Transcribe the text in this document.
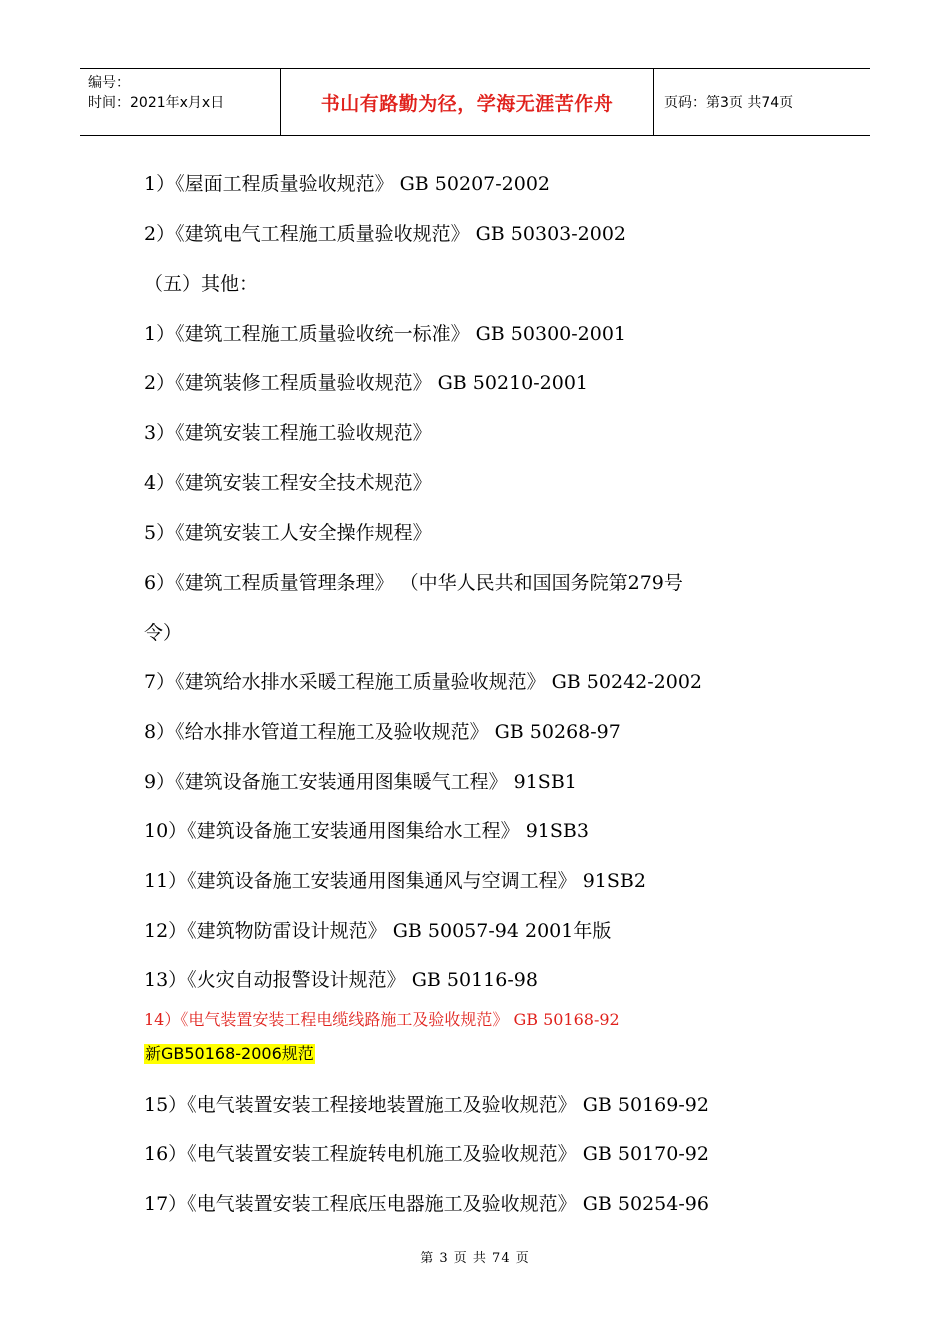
编号：
时间：2021年x月x日	书山有路勤为径，学海无涯苦作舟	页码：第3页 共74页
1）《屋面工程质量验收规范》 GB 50207-2002
2）《建筑电气工程施工质量验收规范》 GB 50303-2002
（五）其他：
1）《建筑工程施工质量验收统一标准》 GB 50300-2001
2）《建筑装修工程质量验收规范》 GB 50210-2001
3）《建筑安装工程施工验收规范》
4）《建筑安装工程安全技术规范》
5）《建筑安装工人安全操作规程》
6）《建筑工程质量管理条理》 （中华人民共和国国务院第279号
令）
7）《建筑给水排水采暖工程施工质量验收规范》 GB 50242-2002
8）《给水排水管道工程施工及验收规范》 GB 50268-97
9）《建筑设备施工安装通用图集暖气工程》 91SB1
10）《建筑设备施工安装通用图集给水工程》 91SB3
11）《建筑设备施工安装通用图集通风与空调工程》 91SB2
12）《建筑物防雷设计规范》 GB 50057-94 2001年版
13）《火灾自动报警设计规范》 GB 50116-98
14）《电气装置安装工程电缆线路施工及验收规范》 GB 50168-92
新GB50168-2006规范
15）《电气装置安装工程接地装置施工及验收规范》 GB 50169-92
16）《电气装置安装工程旋转电机施工及验收规范》 GB 50170-92
17）《电气装置安装工程底压电器施工及验收规范》 GB 50254-96
第 3 页 共 74 页
